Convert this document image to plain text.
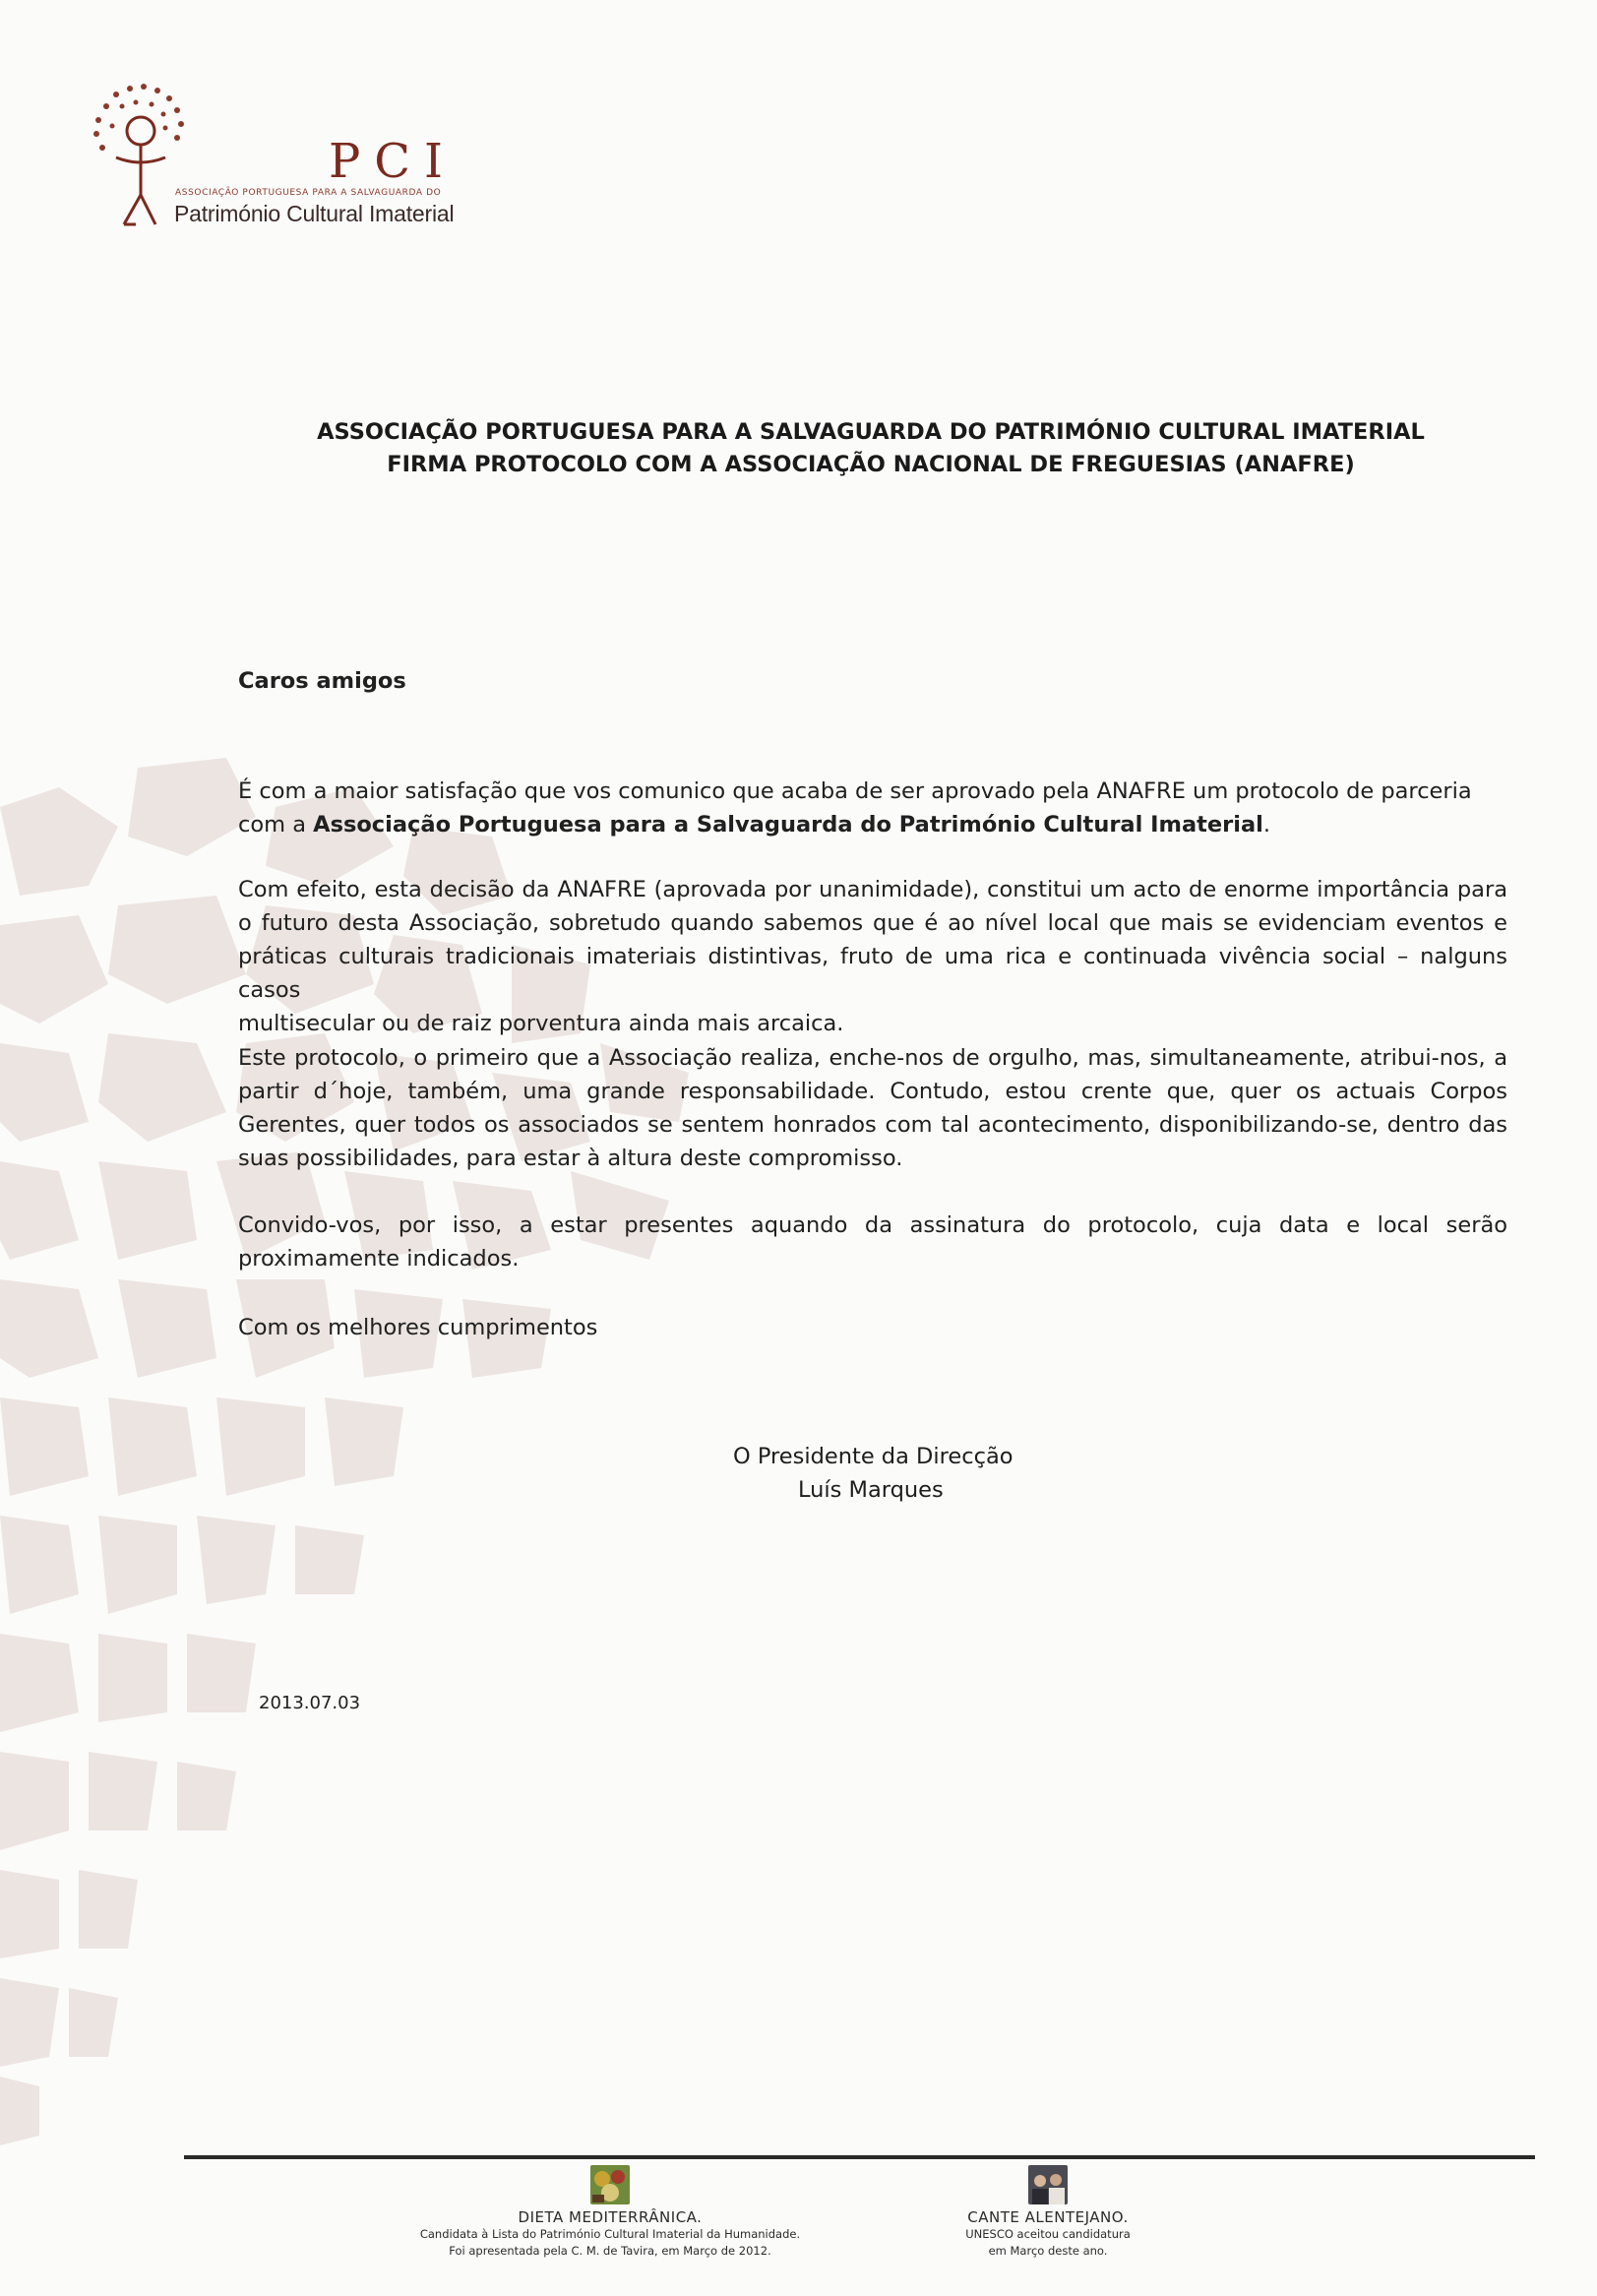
PCI
ASSOCIAÇÃO PORTUGUESA PARA A SALVAGUARDA DO
Património Cultural Imaterial
ASSOCIAÇÃO PORTUGUESA PARA A SALVAGUARDA DO PATRIMÓNIO CULTURAL IMATERIAL
FIRMA PROTOCOLO COM A ASSOCIAÇÃO NACIONAL DE FREGUESIAS (ANAFRE)
Caros amigos
É com a maior satisfação que vos comunico que acaba de ser aprovado pela ANAFRE um protocolo de parceria
com a Associação Portuguesa para a Salvaguarda do Património Cultural Imaterial.
Com efeito, esta decisão da ANAFRE (aprovada por unanimidade), constitui um acto de enorme importância para
o futuro desta Associação, sobretudo quando sabemos que é ao nível local que mais se evidenciam eventos e
práticas culturais tradicionais imateriais distintivas, fruto de uma rica e continuada vivência social – nalguns casos
multisecular ou de raiz porventura ainda mais arcaica.
Este protocolo, o primeiro que a Associação realiza, enche-nos de orgulho, mas, simultaneamente, atribui-nos, a
partir d´hoje, também, uma grande responsabilidade. Contudo, estou crente que, quer os actuais Corpos
Gerentes, quer todos os associados se sentem honrados com tal acontecimento, disponibilizando-se, dentro das
suas possibilidades, para estar à altura deste compromisso.
Convido-vos, por isso, a estar presentes aquando da assinatura do protocolo, cuja data e local serão
proximamente indicados.
Com os melhores cumprimentos
O Presidente da Direcção
Luís Marques
2013.07.03
DIETA MEDITERRÂNICA.
Candidata à Lista do Património Cultural Imaterial da Humanidade.
Foi apresentada pela C. M. de Tavira, em Março de 2012.
CANTE ALENTEJANO.
UNESCO aceitou candidatura
em Março deste ano.
